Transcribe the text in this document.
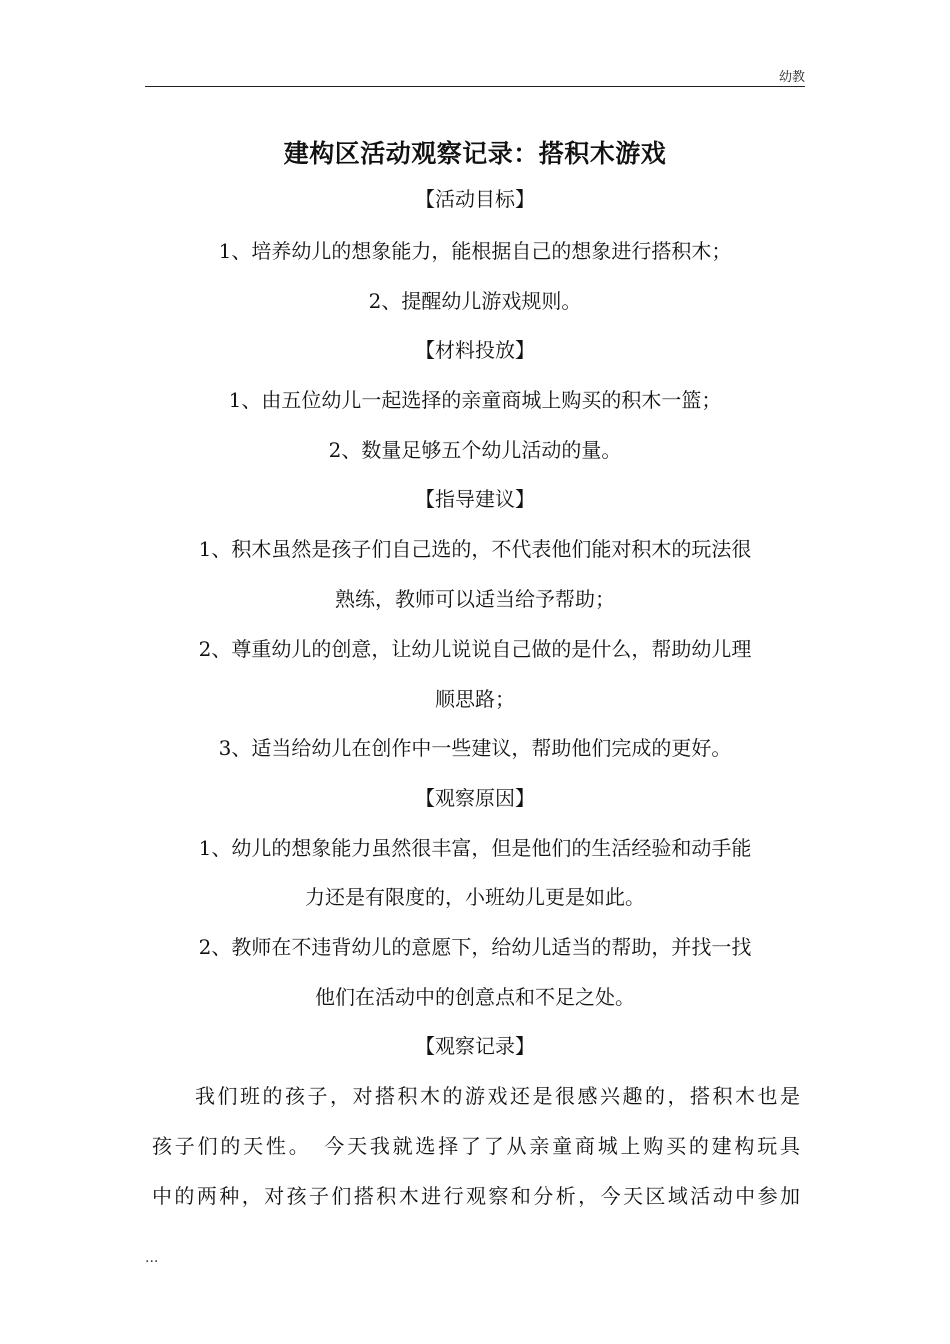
幼教
建构区活动观察记录：搭积木游戏
【活动目标】
1、培养幼儿的想象能力，能根据自己的想象进行搭积木；
2、提醒幼儿游戏规则。
【材料投放】
1、由五位幼儿一起选择的亲童商城上购买的积木一篮；
2、数量足够五个幼儿活动的量。
【指导建议】
1、积木虽然是孩子们自己选的，不代表他们能对积木的玩法很
熟练，教师可以适当给予帮助；
2、尊重幼儿的创意，让幼儿说说自己做的是什么，帮助幼儿理
顺思路；
3、适当给幼儿在创作中一些建议，帮助他们完成的更好。
【观察原因】
1、幼儿的想象能力虽然很丰富，但是他们的生活经验和动手能
力还是有限度的，小班幼儿更是如此。
2、教师在不违背幼儿的意愿下，给幼儿适当的帮助，并找一找
他们在活动中的创意点和不足之处。
【观察记录】
我们班的孩子，对搭积木的游戏还是很感兴趣的，搭积木也是
孩子们的天性。　今天我就选择了了从亲童商城上购买的建构玩具
中的两种，对孩子们搭积木进行观察和分析，今天区域活动中参加
...
